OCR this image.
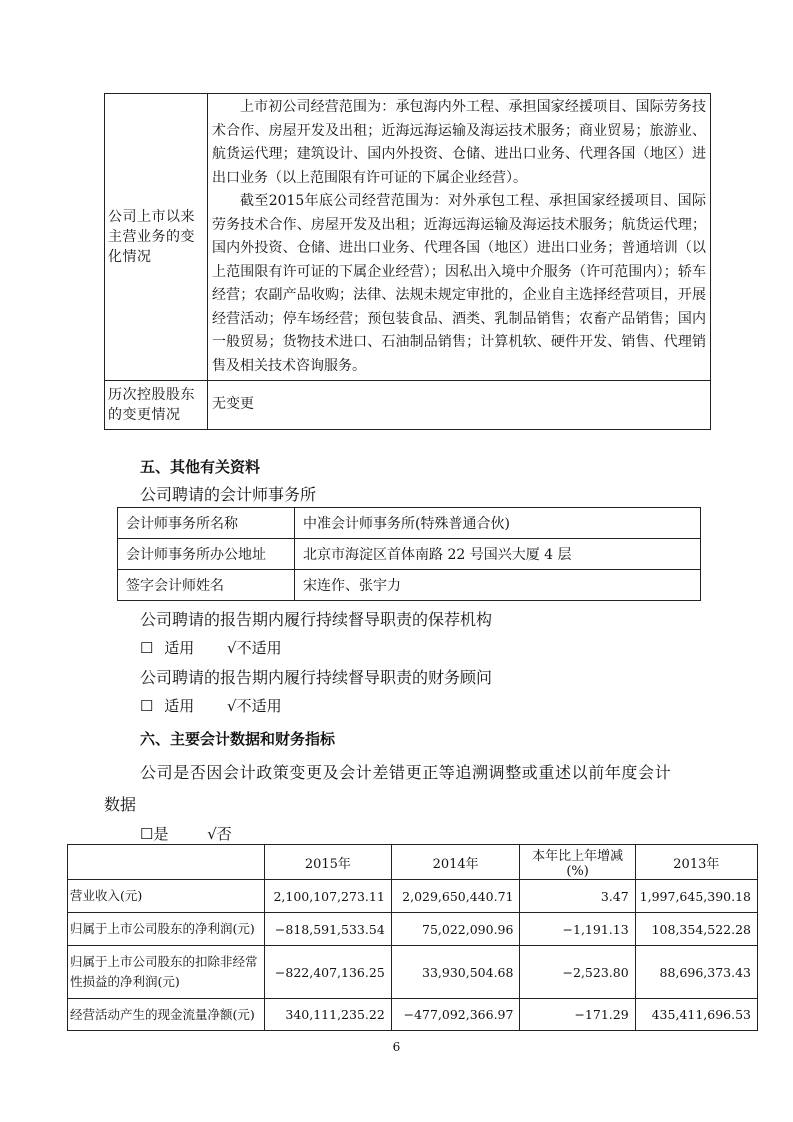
公司上市以来主营业务的变化情况	上市初公司经营范围为：承包海内外工程、承担国家经援项目、国际劳务技术合作、房屋开发及出租；近海远海运输及海运技术服务；商业贸易；旅游业、航货运代理；建筑设计、国内外投资、仓储、进出口业务、代理各国（地区）进出口业务（以上范围限有许可证的下属企业经营）。

截至2015年底公司经营范围为：对外承包工程、承担国家经援项目、国际劳务技术合作、房屋开发及出租；近海远海运输及海运技术服务；航货运代理；国内外投资、仓储、进出口业务、代理各国（地区）进出口业务；普通培训（以上范围限有许可证的下属企业经营）；因私出入境中介服务（许可范围内）；轿车经营；农副产品收购；法律、法规未规定审批的，企业自主选择经营项目，开展经营活动；停车场经营；预包装食品、酒类、乳制品销售；农畜产品销售；国内一般贸易；货物技术进口、石油制品销售；计算机软、硬件开发、销售、代理销售及相关技术咨询服务。

历次控股股东的变更情况	无变更
五、其他有关资料
公司聘请的会计师事务所
会计师事务所名称	中准会计师事务所(特殊普通合伙)
会计师事务所办公地址	北京市海淀区首体南路 22 号国兴大厦 4 层
签字会计师姓名	宋连作、张宇力
公司聘请的报告期内履行持续督导职责的保荐机构
☐ 适用 √不适用
公司聘请的报告期内履行持续督导职责的财务顾问
☐ 适用 √不适用
六、主要会计数据和财务指标
公司是否因会计政策变更及会计差错更正等追溯调整或重述以前年度会计
数据
☐是	√否
	2015年	2014年	本年比上年增减(%)	2013年
营业收入(元)	2,100,107,273.11	2,029,650,440.71	3.47	1,997,645,390.18
归属于上市公司股东的净利润(元)	−818,591,533.54	75,022,090.96	−1,191.13	108,354,522.28
归属于上市公司股东的扣除非经常性损益的净利润(元)	−822,407,136.25	33,930,504.68	−2,523.80	88,696,373.43
经营活动产生的现金流量净额(元)	340,111,235.22	−477,092,366.97	−171.29	435,411,696.53
6
